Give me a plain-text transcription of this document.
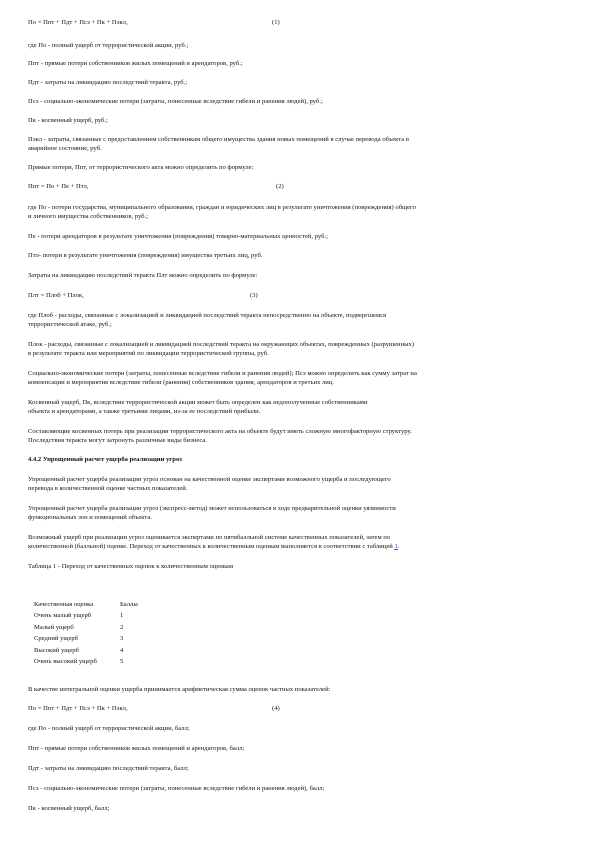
Пo = Ппт + Пдт + Псэ + Пк + Пэкл,	(1)
где Пo - полный ущерб от террористической акции, руб.;
Ппт - прямые потери собственников жилых помещений и арендаторов, руб.;
Пдт - затраты на ликвидацию последствий теракта, руб.;
Псэ - социально-экономические потери (затраты, понесенные вследствие гибели и ранения людей), руб.;
Пк - косвенный ущерб, руб.;
Пэкл - затраты, связанные с предоставлением собственникам общего имущества здания новых помещений в случае перевода объекта в
аварийное состояние, руб.
Прямые потери, Ппт, от террористического акта можно определить по формуле:
Ппт = По + Пе + Птл,	(2)
где По - потери государства, муниципального образования, граждан и юридических лиц в результате уничтожения (повреждения) общего
и личного имущества собственников, руб.;
Пе - потери арендаторов в результате уничтожения (повреждения) товарно-материальных ценностей, руб.;
Птл- потери в результате уничтожения (повреждения) имущества третьих лиц, руб.
Затраты на ликвидацию последствий теракта Плт можно определить по формуле:
Плт = Плоб + Плок,	(3)
где Плоб - расходы, связанные с локализацией и ликвидацией последствий теракта непосредственно на объекте, подвергшемся
террористической атаке, руб.;
Плок - расходы, связанные с локализацией и ликвидацией последствий теракта на окружающих объектах, поврежденных (разрушенных)
в результате теракта или мероприятий по ликвидации террористической группы, руб.
Социально-экономические потери (затраты, понесенные вследствие гибели и ранения людей); Псэ можно определить как сумму затрат на
компенсации и мероприятия вследствие гибели (ранения) собственников здания, арендаторов и третьих лиц.
Косвенный ущерб, Пк, вследствие террористической акции может быть определен как недополученные собственниками
объекта и арендаторами, а также третьими лицами, из-за ее последствий прибыли.
Составляющие косвенных потерь при реализации террористического акта на объекте будут иметь сложную многофакторную структуру.
Последствия теракта могут затронуть различные виды бизнеса.
4.4.2 Упрощенный расчет ущерба реализации угроз
Упрощенный расчет ущерба реализации угроз основан на качественной оценке экспертами возможного ущерба и последующего
перевода в количественной оценке частных показателей.
Упрощенный расчет ущерба реализации угроз (экспресс-метод) может использоваться в ходе предварительной оценки уязвимости
функциональных зон и помещений объекта.
Возможный ущерб при реализации угроз оценивается экспертами по пятибалльной системе качественных показателей, затем по
количественной (балльной) оценке. Переход от качественных к количественным оценкам выполняется в соответствии с таблицей 1.
Таблица 1 - Переход от качественных оценок к количественным оценкам
Качественная оценка	Баллы
Очень малый ущерб	1
Малый ущерб	2
Средний ущерб	3
Высокий ущерб	4
Очень высокий ущерб	5
В качестве интегральной оценки ущерба принимается арифметическая сумма оценок частных показателей:
По = Ппт + Пдт + Псэ + Пк + Пэкл,	(4)
где По - полный ущерб от террористической акции, балл;
Ппт - прямые потери собственников жилых помещений и арендаторов, балл;
Пдт - затраты на ликвидацию последствий теракта, балл;
Псэ - социально-экономические потери (затраты, понесенные вследствие гибели и ранения людей), балл;
Пк - косвенный ущерб, балл;
